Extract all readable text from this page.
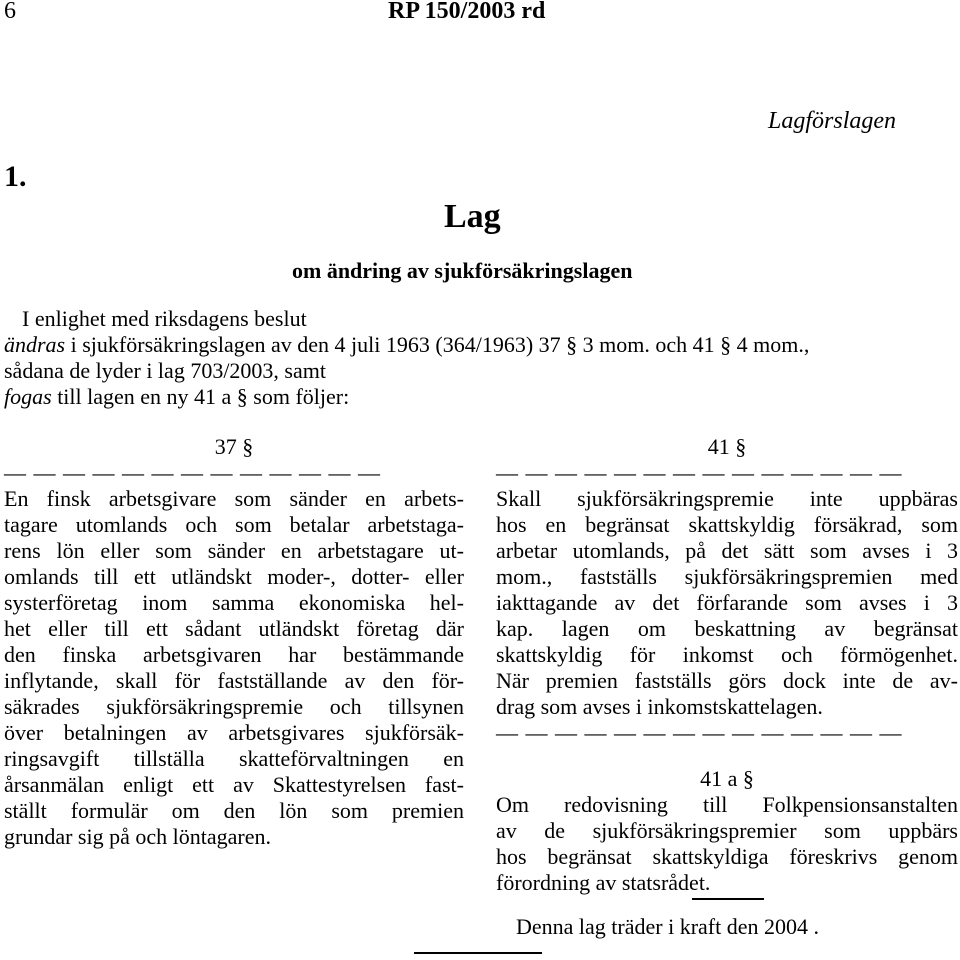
6	RP 150/2003 rd
Lagförslagen
1.
Lag
om ändring av sjukförsäkringslagen
I enlighet med riksdagens beslut
ändras i sjukförsäkringslagen av den 4 juli 1963 (364/1963) 37 § 3 mom. och 41 § 4 mom.,
sådana de lyder i lag 703/2003, samt
fogas till lagen en ny 41 a § som följer:
37 §
— — — — — — — — — — — — —
En finsk arbetsgivare som sänder en arbets-
tagare utomlands och som betalar arbetstaga-
rens lön eller som sänder en arbetstagare ut-
omlands till ett utländskt moder-, dotter- eller
systerföretag inom samma ekonomiska hel-
het eller till ett sådant utländskt företag där
den finska arbetsgivaren har bestämmande
inflytande, skall för fastställande av den för-
säkrades sjukförsäkringspremie och tillsynen
över betalningen av arbetsgivares sjukförsäk-
ringsavgift tillställa skatteförvaltningen en
årsanmälan enligt ett av Skattestyrelsen fast-
ställt formulär om den lön som premien
grundar sig på och löntagaren.
41 §
— — — — — — — — — — — — — —
Skall sjukförsäkringspremie inte uppbäras
hos en begränsat skattskyldig försäkrad, som
arbetar utomlands, på det sätt som avses i 3
mom., fastställs sjukförsäkringspremien med
iakttagande av det förfarande som avses i 3
kap. lagen om beskattning av begränsat
skattskyldig för inkomst och förmögenhet.
När premien fastställs görs dock inte de av-
drag som avses i inkomstskattelagen.
— — — — — — — — — — — — — —
41 a §
Om redovisning till Folkpensionsanstalten
av de sjukförsäkringspremier som uppbärs
hos begränsat skattskyldiga föreskrivs genom
förordning av statsrådet.
Denna lag träder i kraft den 2004 .
